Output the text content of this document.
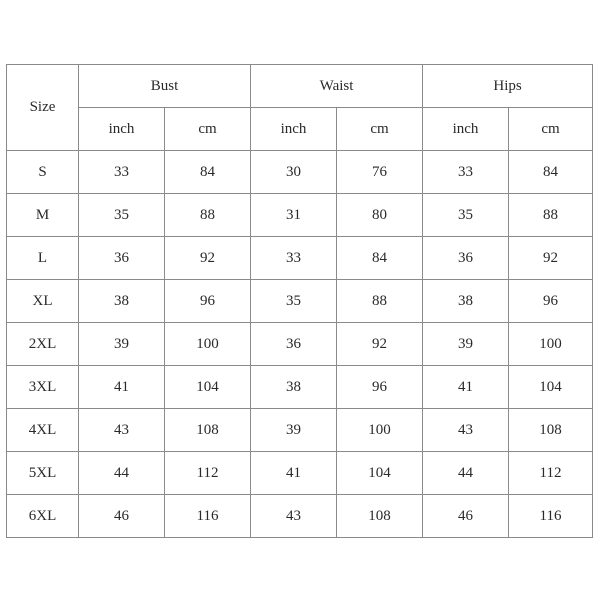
Size	Bust		Waist		Hips	
	inch	cm	inch	cm	inch	cm
S	33	84	30	76	33	84
M	35	88	31	80	35	88
L	36	92	33	84	36	92
XL	38	96	35	88	38	96
2XL	39	100	36	92	39	100
3XL	41	104	38	96	41	104
4XL	43	108	39	100	43	108
5XL	44	112	41	104	44	112
6XL	46	116	43	108	46	116
